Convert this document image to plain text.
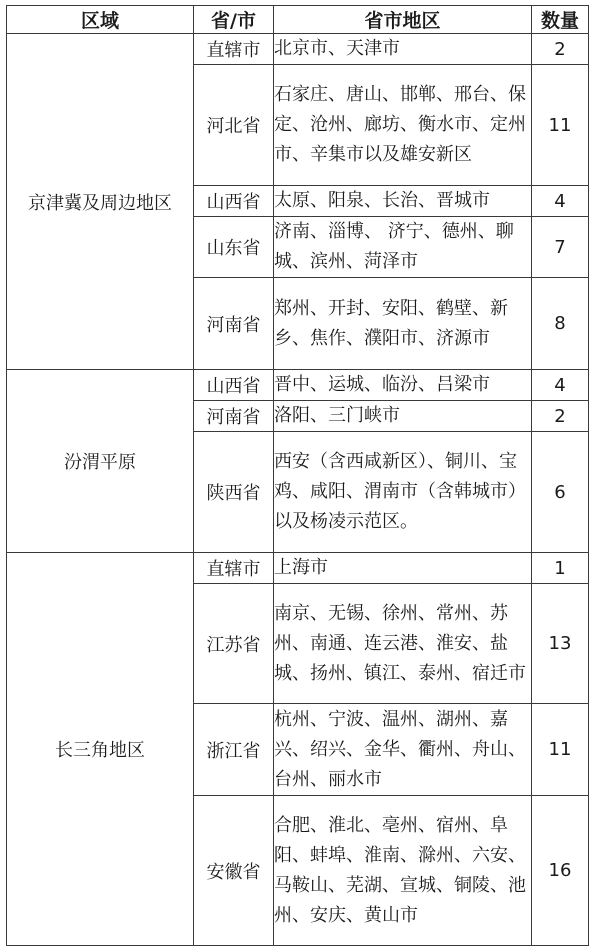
区域	省/市	省市地区	数量
京津冀及周边地区	直辖市	北京市、天津市	2
	河北省	石家庄、唐山、邯郸、邢台、保定、沧州、廊坊、衡水市、定州市、辛集市以及雄安新区	11
	山西省	太原、阳泉、长治、晋城市	4
	山东省	济南、淄博、 济宁、德州、聊城、滨州、菏泽市	7
	河南省	郑州、开封、安阳、鹤壁、新乡、焦作、濮阳市、济源市	8
汾渭平原	山西省	晋中、运城、临汾、吕梁市	4
	河南省	洛阳、三门峡市	2
	陕西省	西安（含西咸新区）、铜川、宝鸡、咸阳、渭南市（含韩城市）以及杨凌示范区。	6
长三角地区	直辖市	上海市	1
	江苏省	南京、无锡、徐州、常州、苏州、南通、连云港、淮安、盐城、扬州、镇江、泰州、宿迁市	13
	浙江省	杭州、宁波、温州、湖州、嘉兴、绍兴、金华、衢州、舟山、台州、丽水市	11
	安徽省	合肥、淮北、亳州、宿州、阜阳、蚌埠、淮南、滁州、六安、马鞍山、芜湖、宣城、铜陵、池州、安庆、黄山市	16
